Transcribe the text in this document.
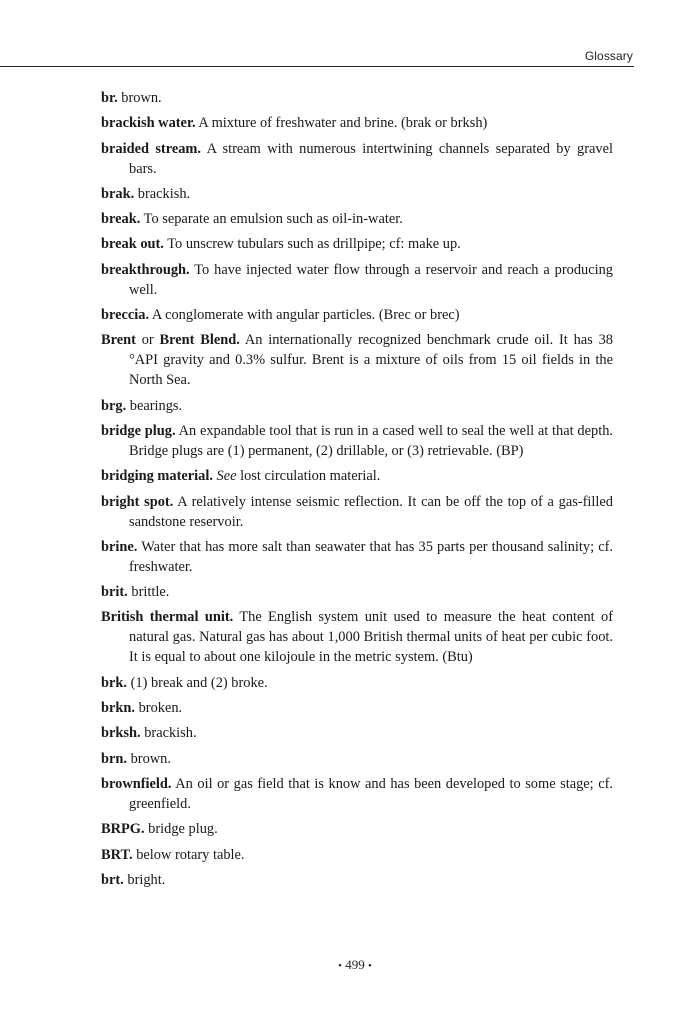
Glossary

br. brown.

brackish water. A mixture of freshwater and brine. (brak or brksh)

braided stream. A stream with numerous intertwining channels separated by gravel bars.

brak. brackish.

break. To separate an emulsion such as oil-in-water.

break out. To unscrew tubulars such as drillpipe; cf: make up.

breakthrough. To have injected water flow through a reservoir and reach a producing well.

breccia. A conglomerate with angular particles. (Brec or brec)

Brent or Brent Blend. An internationally recognized benchmark crude oil. It has 38 °API gravity and 0.3% sulfur. Brent is a mixture of oils from 15 oil fields in the North Sea.

brg. bearings.

bridge plug. An expandable tool that is run in a cased well to seal the well at that depth. Bridge plugs are (1) permanent, (2) drillable, or (3) retrievable. (BP)

bridging material. See lost circulation material.

bright spot. A relatively intense seismic reflection. It can be off the top of a gas-filled sandstone reservoir.

brine. Water that has more salt than seawater that has 35 parts per thousand salinity; cf. freshwater.

brit. brittle.

British thermal unit. The English system unit used to measure the heat content of natural gas. Natural gas has about 1,000 British thermal units of heat per cubic foot. It is equal to about one kilojoule in the metric system. (Btu)

brk. (1) break and (2) broke.

brkn. broken.

brksh. brackish.

brn. brown.

brownfield. An oil or gas field that is know and has been developed to some stage; cf. greenfield.

BRPG. bridge plug.

BRT. below rotary table.

brt. bright.

• 499 •
